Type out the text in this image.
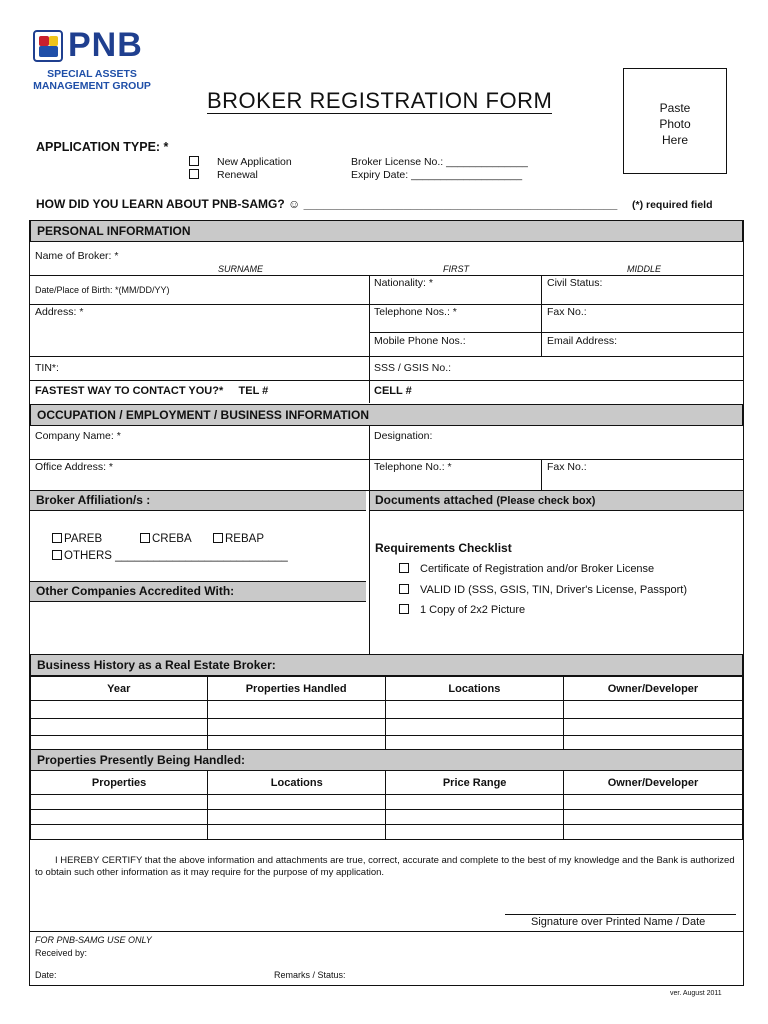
PNB
SPECIAL ASSETS
MANAGEMENT GROUP
BROKER REGISTRATION FORM	Paste
Photo
Here
APPLICATION TYPE: *
New Application
Renewal
Broker License No.: ______________
Expiry Date: ___________________
HOW DID YOU LEARN ABOUT PNB-SAMG? ☺ _______________________________________________ (*) required field
PERSONAL INFORMATION
Name of Broker: *
SURNAME	FIRST	MIDDLE
Date/Place of Birth: *(MM/DD/YY)
Nationality: *	Civil Status:
Address: *	Telephone Nos.: *	Fax No.:
Mobile Phone Nos.:	Email Address:
TIN*:	SSS / GSIS No.:
FASTEST WAY TO CONTACT YOU?*     TEL #	CELL #
OCCUPATION / EMPLOYMENT / BUSINESS INFORMATION
Company Name: *	Designation:
Office Address: *	Telephone No.: *	Fax No.:
Broker Affiliation/s :	Documents attached (Please check box)
PAREB	CREBA	REBAP
OTHERS ___________________________
Other Companies Accredited With:
Requirements Checklist
Certificate of Registration and/or Broker License
VALID ID (SSS, GSIS, TIN, Driver's License, Passport)
1 Copy of 2x2 Picture
Business History as a Real Estate Broker:
Year	Properties Handled	Locations	Owner/Developer

Properties Presently Being Handled:
Properties	Locations	Price Range	Owner/Developer

I HEREBY CERTIFY that the above information and attachments are true, correct, accurate and complete to the best of my knowledge and the Bank is authorized to obtain such other information as it may require for the purpose of my application.
Signature over Printed Name / Date
FOR PNB-SAMG USE ONLY
Received by:
Date:	Remarks / Status:
ver. August 2011
